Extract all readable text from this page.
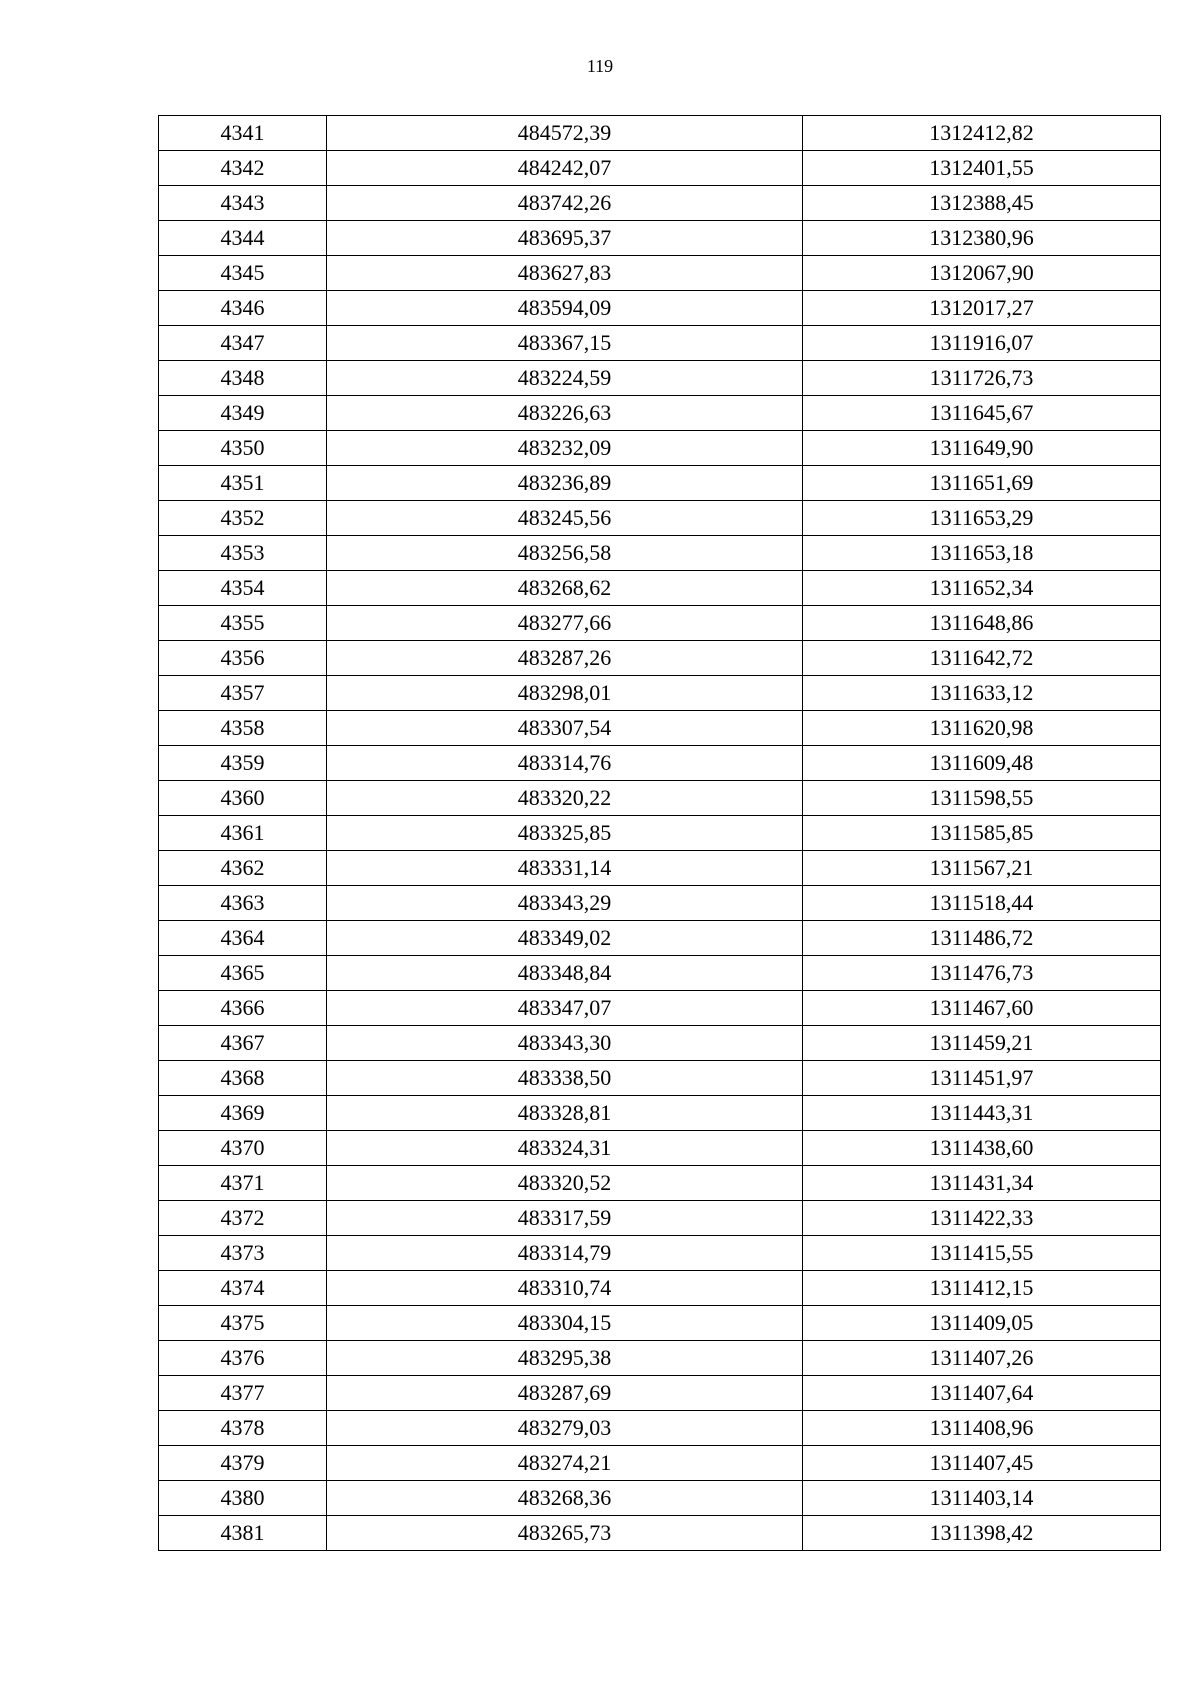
119
4341	484572,39	1312412,82
4342	484242,07	1312401,55
4343	483742,26	1312388,45
4344	483695,37	1312380,96
4345	483627,83	1312067,90
4346	483594,09	1312017,27
4347	483367,15	1311916,07
4348	483224,59	1311726,73
4349	483226,63	1311645,67
4350	483232,09	1311649,90
4351	483236,89	1311651,69
4352	483245,56	1311653,29
4353	483256,58	1311653,18
4354	483268,62	1311652,34
4355	483277,66	1311648,86
4356	483287,26	1311642,72
4357	483298,01	1311633,12
4358	483307,54	1311620,98
4359	483314,76	1311609,48
4360	483320,22	1311598,55
4361	483325,85	1311585,85
4362	483331,14	1311567,21
4363	483343,29	1311518,44
4364	483349,02	1311486,72
4365	483348,84	1311476,73
4366	483347,07	1311467,60
4367	483343,30	1311459,21
4368	483338,50	1311451,97
4369	483328,81	1311443,31
4370	483324,31	1311438,60
4371	483320,52	1311431,34
4372	483317,59	1311422,33
4373	483314,79	1311415,55
4374	483310,74	1311412,15
4375	483304,15	1311409,05
4376	483295,38	1311407,26
4377	483287,69	1311407,64
4378	483279,03	1311408,96
4379	483274,21	1311407,45
4380	483268,36	1311403,14
4381	483265,73	1311398,42
